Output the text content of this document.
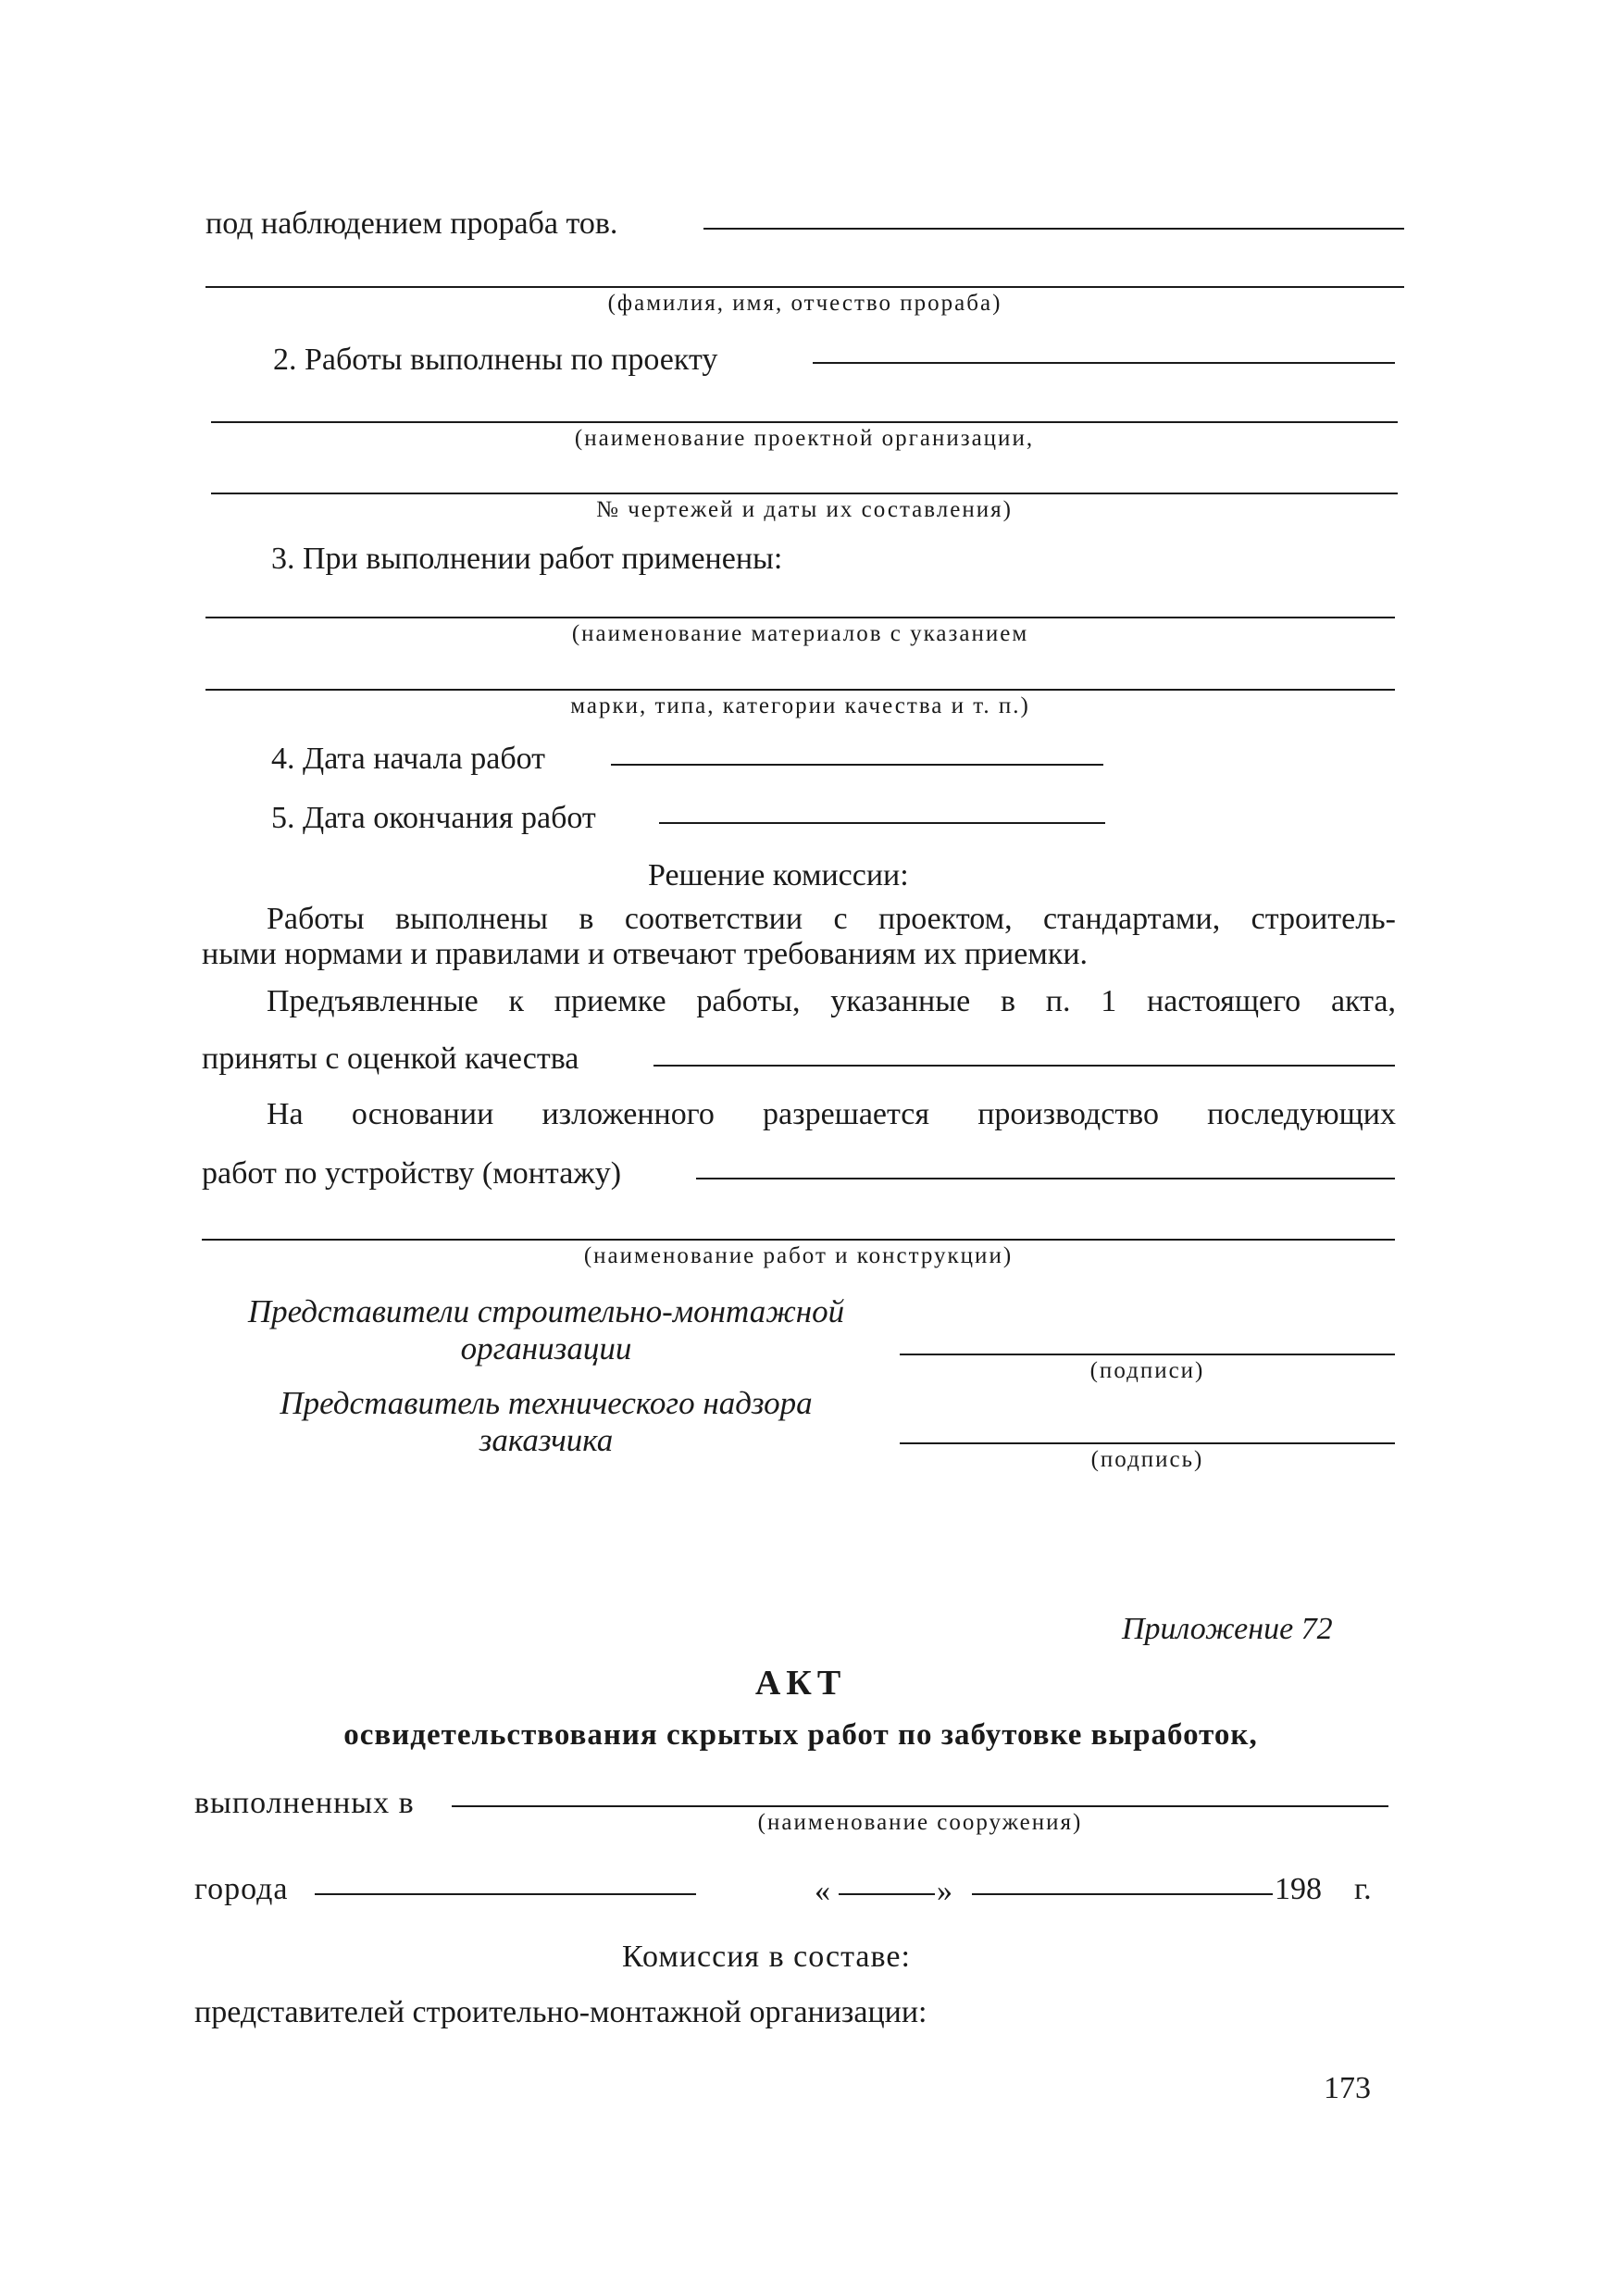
под наблюдением прораба тов.
(фамилия, имя, отчество прораба)
2. Работы выполнены по проекту
(наименование проектной организации,
№ чертежей и даты их составления)
3. При выполнении работ применены:
(наименование материалов с указанием
марки, типа, категории качества и т. п.)
4. Дата начала работ
5. Дата окончания работ
Решение комиссии:
Работы выполнены в соответствии с проектом, стандартами, строитель-
ными нормами и правилами и отвечают требованиям их приемки.
Предъявленные к приемке работы, указанные в п. 1 настоящего акта,
приняты с оценкой качества
На основании изложенного разрешается производство последующих
работ по устройству (монтажу)
(наименование работ и конструкции)
Представители строительно-монтажной
организации
(подписи)
Представитель технического надзора
заказчика
(подпись)
Приложение 72
АКТ
освидетельствования скрытых работ по забутовке выработок,
выполненных в
(наименование сооружения)
города	«	»	198 г.
Комиссия в составе:
представителей строительно-монтажной организации:
173
